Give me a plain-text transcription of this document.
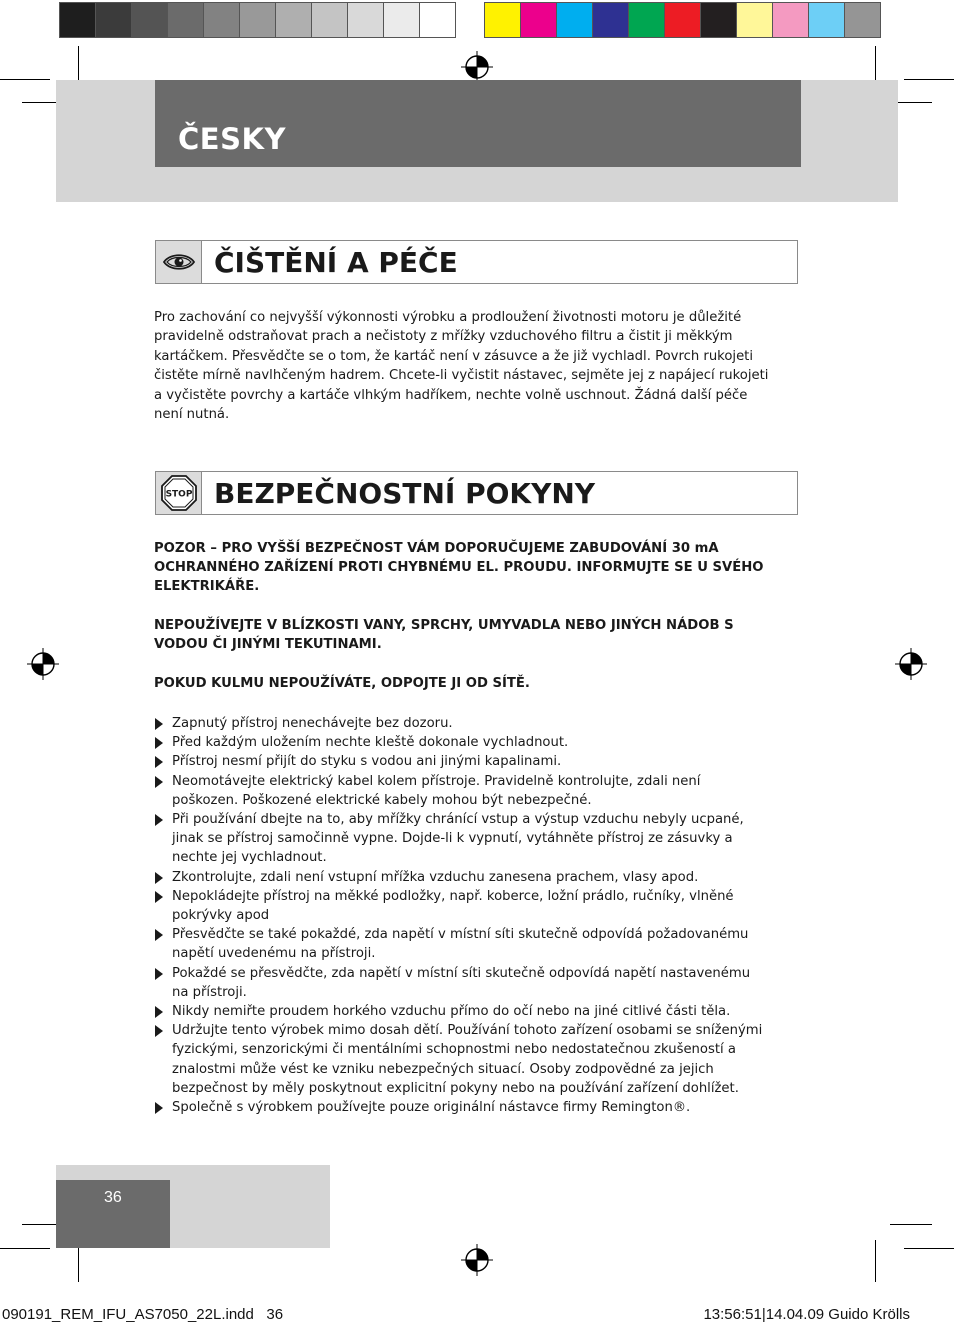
ČESKY
ČIŠTĚNÍ A PÉČE
Pro zachování co nejvyšší výkonnosti výrobku a prodloužení životnosti motoru je důležité pravidelně odstraňovat prach a nečistoty z mřížky vzduchového filtru a čistit ji měkkým kartáčkem. Přesvědčte se o tom, že kartáč není v zásuvce a že již vychladl. Povrch rukojeti čistěte mírně navlhčeným hadrem. Chcete-li vyčistit nástavec, sejměte jej z napájecí rukojeti a vyčistěte povrchy a kartáče vlhkým hadříkem, nechte volně uschnout. Žádná další péče není nutná.
STOP BEZPEČNOSTNÍ POKYNY
POZOR – PRO VYŠŠÍ BEZPEČNOST VÁM DOPORUČUJEME ZABUDOVÁNÍ 30 mA OCHRANNÉHO ZAŘÍZENÍ PROTI CHYBNÉMU EL. PROUDU. INFORMUJTE SE U SVÉHO ELEKTRIKÁŘE.
NEPOUŽÍVEJTE V BLÍZKOSTI VANY, SPRCHY, UMYVADLA NEBO JINÝCH NÁDOB S VODOU ČI JINÝMI TEKUTINAMI.
POKUD KULMU NEPOUŽÍVÁTE, ODPOJTE JI OD SÍTĚ.
Zapnutý přístroj nenechávejte bez dozoru.
Před každým uložením nechte kleště dokonale vychladnout.
Přístroj nesmí přijít do styku s vodou ani jinými kapalinami.
Neomotávejte elektrický kabel kolem přístroje. Pravidelně kontrolujte, zdali není poškozen. Poškozené elektrické kabely mohou být nebezpečné.
Při používání dbejte na to, aby mřížky chránící vstup a výstup vzduchu nebyly ucpané, jinak se přístroj samočinně vypne. Dojde-li k vypnutí, vytáhněte přístroj ze zásuvky a nechte jej vychladnout.
Zkontrolujte, zdali není vstupní mřížka vzduchu zanesena prachem, vlasy apod.
Nepokládejte přístroj na měkké podložky, např. koberce, ložní prádlo, ručníky, vlněné pokrývky apod
Přesvědčte se také pokaždé, zda napětí v místní síti skutečně odpovídá požadovanému napětí uvedenému na přístroji.
Pokaždé se přesvědčte, zda napětí v místní síti skutečně odpovídá napětí nastavenému na přístroji.
Nikdy nemiřte proudem horkého vzduchu přímo do očí nebo na jiné citlivé části těla.
Udržujte tento výrobek mimo dosah dětí. Používání tohoto zařízení osobami se sníženými fyzickými, senzorickými či mentálními schopnostmi nebo nedostatečnou zkušeností a znalostmi může vést ke vzniku nebezpečných situací. Osoby zodpovědné za jejich bezpečnost by měly poskytnout explicitní pokyny nebo na používání zařízení dohlížet.
Společně s výrobkem používejte pouze originální nástavce firmy Remington®.
36
090191_REM_IFU_AS7050_22L.indd   36	13:56:51|14.04.09 Guido Krölls
